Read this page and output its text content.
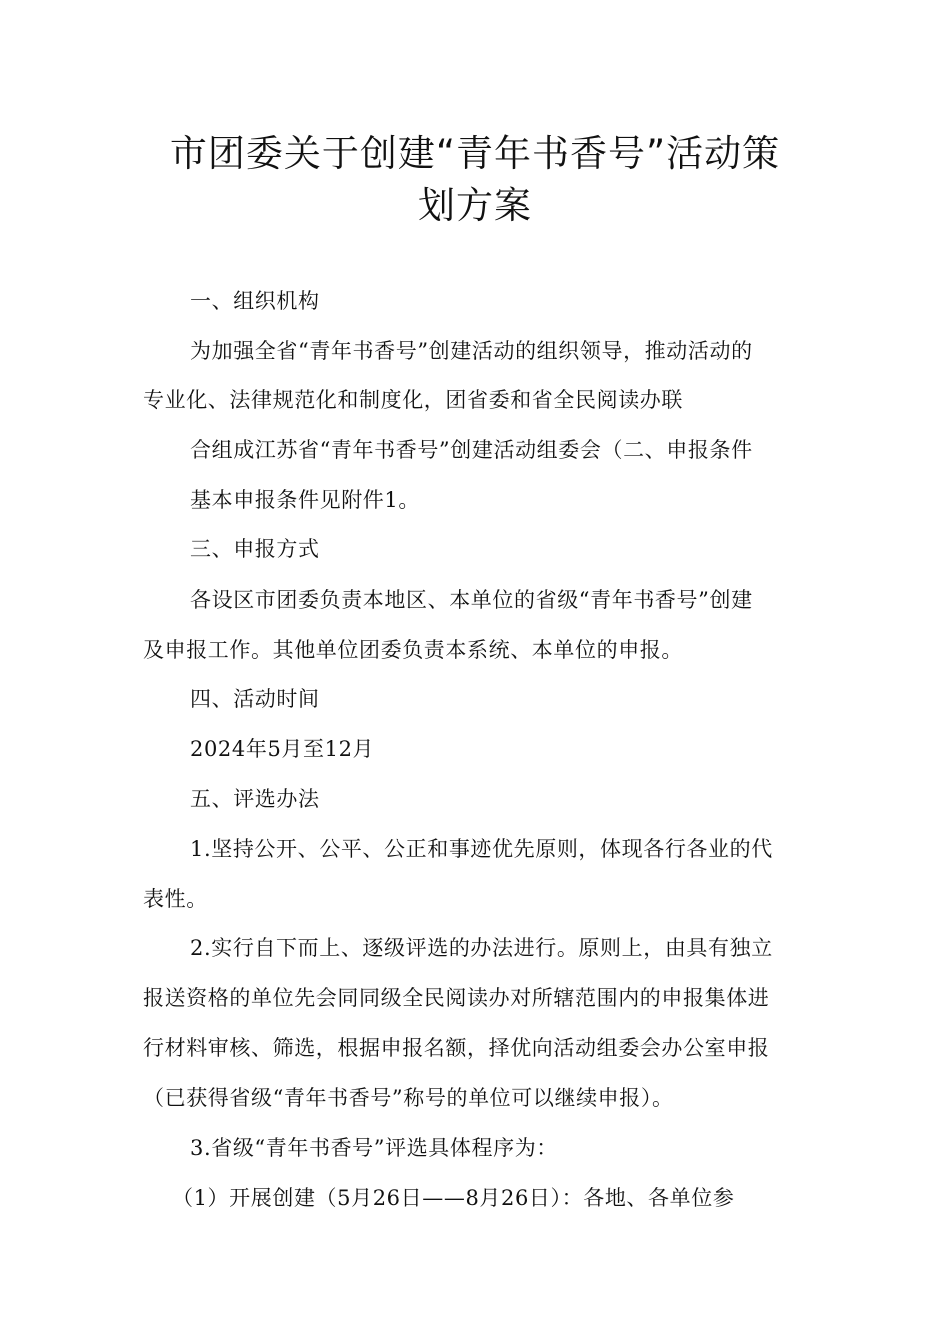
市团委关于创建“青年书香号”活动策
划方案
一、组织机构
为加强全省“青年书香号”创建活动的组织领导，推动活动的
专业化、法律规范化和制度化，团省委和省全民阅读办联
合组成江苏省“青年书香号”创建活动组委会（二、申报条件
基本申报条件见附件1。
三、申报方式
各设区市团委负责本地区、本单位的省级“青年书香号”创建
及申报工作。其他单位团委负责本系统、本单位的申报。
四、活动时间
2024年5月至12月
五、评选办法
1.坚持公开、公平、公正和事迹优先原则，体现各行各业的代
表性。
2.实行自下而上、逐级评选的办法进行。原则上，由具有独立
报送资格的单位先会同同级全民阅读办对所辖范围内的申报集体进
行材料审核、筛选，根据申报名额，择优向活动组委会办公室申报
（已获得省级“青年书香号”称号的单位可以继续申报）。
3.省级“青年书香号”评选具体程序为：
（1）开展创建（5月26日——8月26日）：各地、各单位参
